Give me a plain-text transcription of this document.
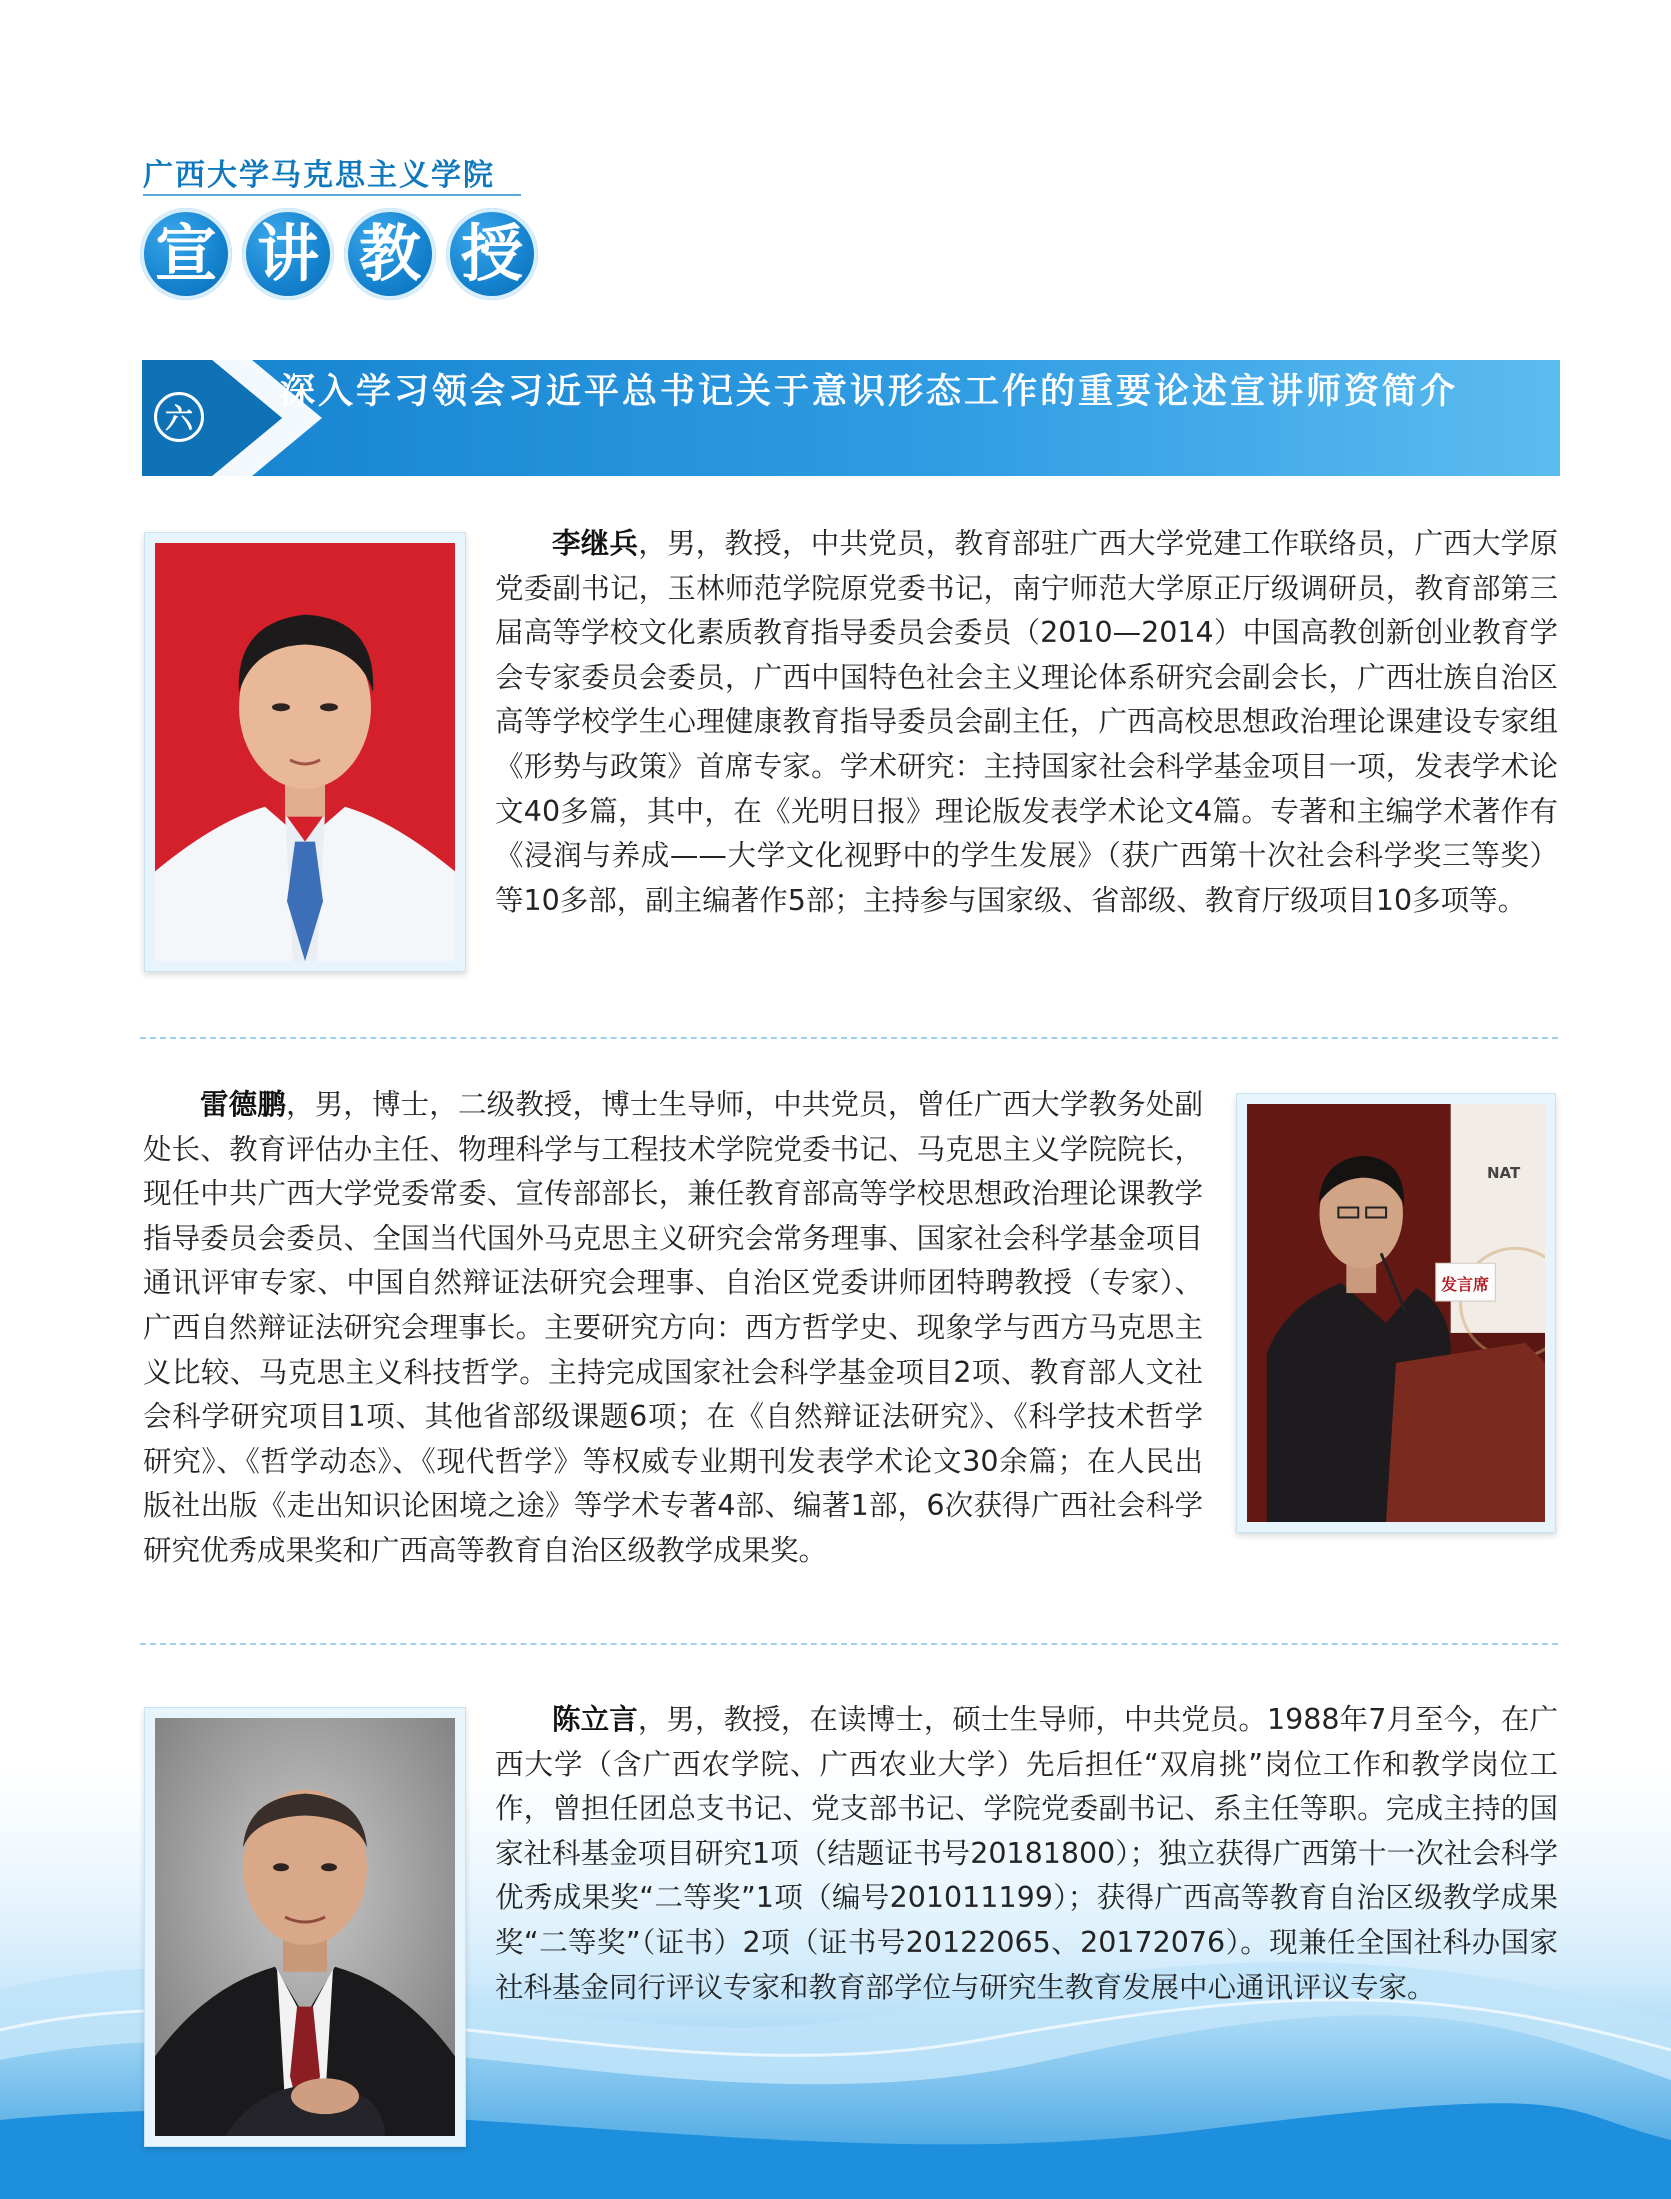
广西大学马克思主义学院
宣 讲 教 授
六
深入学习领会习近平总书记关于意识形态工作的重要论述宣讲师资简介
李继兵，男，教授，中共党员，教育部驻广西大学党建工作联络员，广西大学原党委副书记，玉林师范学院原党委书记，南宁师范大学原正厅级调研员，教育部第三届高等学校文化素质教育指导委员会委员（2010—2014）中国高教创新创业教育学会专家委员会委员，广西中国特色社会主义理论体系研究会副会长，广西壮族自治区高等学校学生心理健康教育指导委员会副主任，广西高校思想政治理论课建设专家组《形势与政策》首席专家。学术研究：主持国家社会科学基金项目一项，发表学术论文40多篇，其中，在《光明日报》理论版发表学术论文4篇。专著和主编学术著作有《浸润与养成——大学文化视野中的学生发展》（获广西第十次社会科学奖三等奖）等10多部，副主编著作5部；主持参与国家级、省部级、教育厅级项目10多项等。
雷德鹏，男，博士，二级教授，博士生导师，中共党员，曾任广西大学教务处副处长、教育评估办主任、物理科学与工程技术学院党委书记、马克思主义学院院长，现任中共广西大学党委常委、宣传部部长，兼任教育部高等学校思想政治理论课教学指导委员会委员、全国当代国外马克思主义研究会常务理事、国家社会科学基金项目通讯评审专家、中国自然辩证法研究会理事、自治区党委讲师团特聘教授（专家）、广西自然辩证法研究会理事长。主要研究方向：西方哲学史、现象学与西方马克思主义比较、马克思主义科技哲学。主持完成国家社会科学基金项目2项、教育部人文社会科学研究项目1项、其他省部级课题6项；在《自然辩证法研究》、《科学技术哲学研究》、《哲学动态》、《现代哲学》等权威专业期刊发表学术论文30余篇；在人民出版社出版《走出知识论困境之途》等学术专著4部、编著1部，6次获得广西社会科学研究优秀成果奖和广西高等教育自治区级教学成果奖。
发言席
NAT
陈立言，男，教授，在读博士，硕士生导师，中共党员。1988年7月至今，在广西大学（含广西农学院、广西农业大学）先后担任“双肩挑”岗位工作和教学岗位工作，曾担任团总支书记、党支部书记、学院党委副书记、系主任等职。完成主持的国家社科基金项目研究1项（结题证书号20181800）；独立获得广西第十一次社会科学优秀成果奖“二等奖”1项（编号201011199）；获得广西高等教育自治区级教学成果奖“二等奖”（证书）2项（证书号20122065、20172076）。现兼任全国社科办国家社科基金同行评议专家和教育部学位与研究生教育发展中心通讯评议专家。
